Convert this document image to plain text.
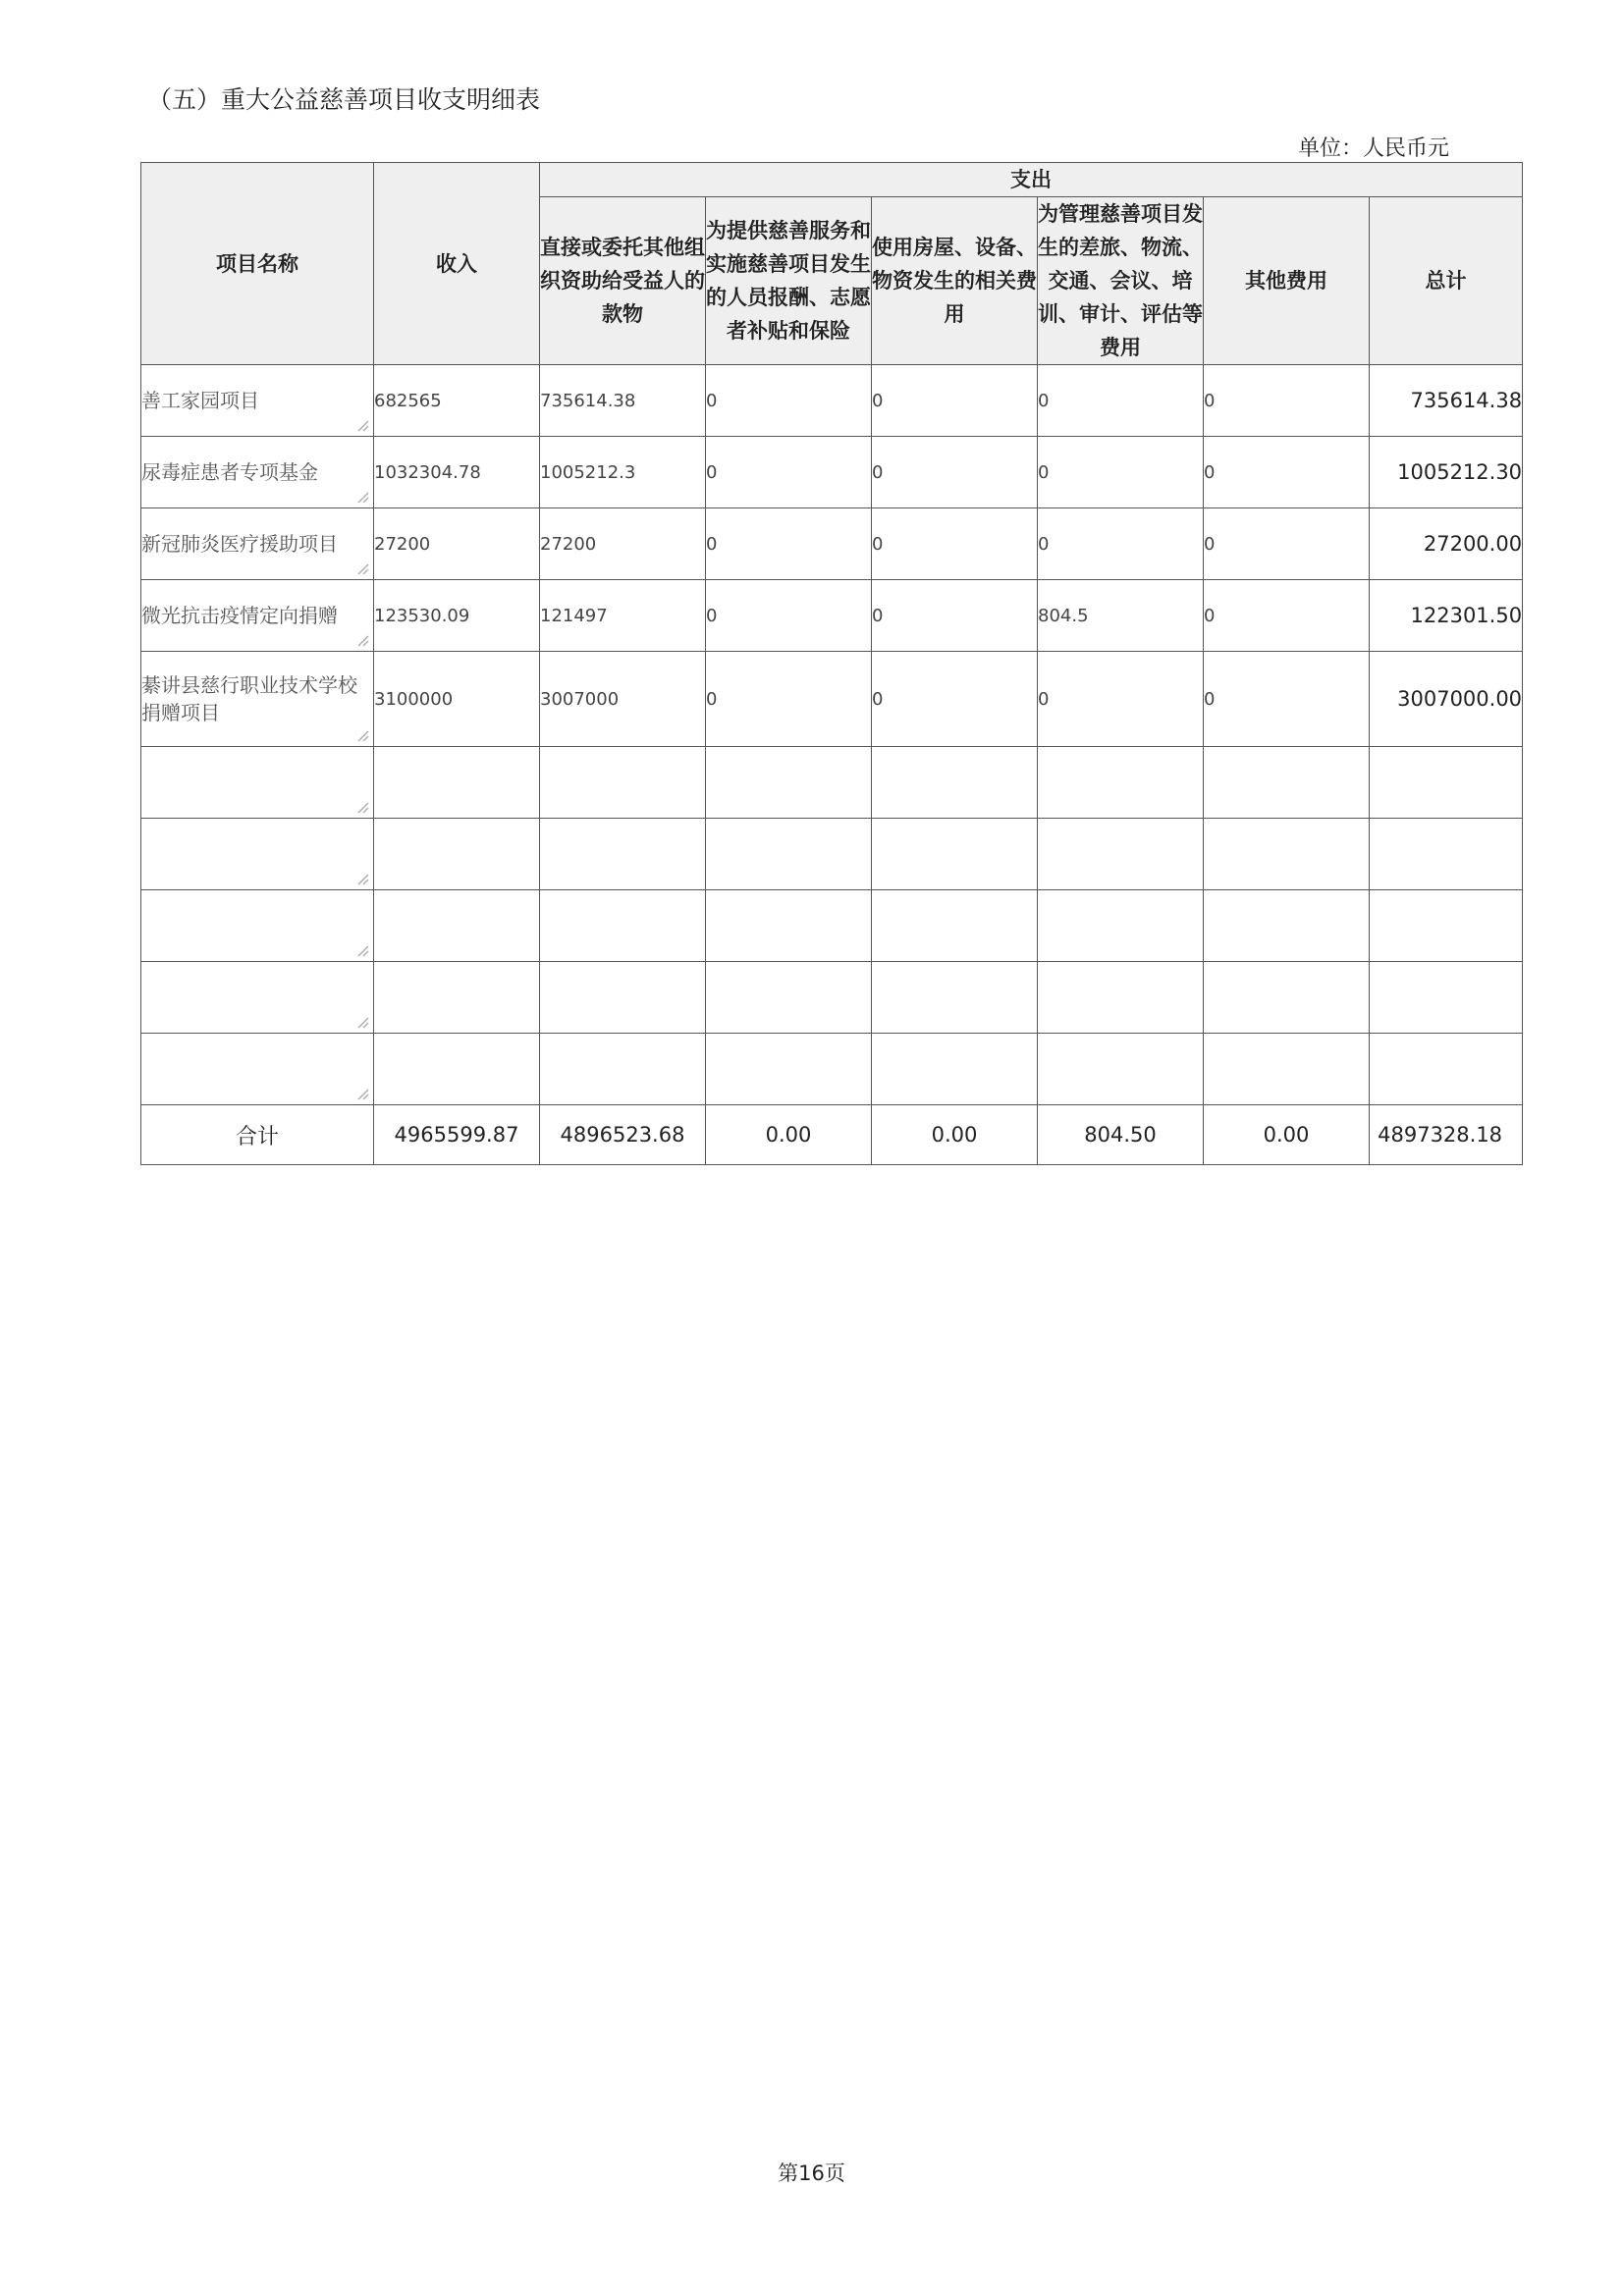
（五）重大公益慈善项目收支明细表
单位：人民币元
项目名称	收入	支出					
		直接或委托其他组织资助给受益人的款物	为提供慈善服务和实施慈善项目发生的人员报酬、志愿者补贴和保险	使用房屋、设备、物资发生的相关费用	为管理慈善项目发生的差旅、物流、交通、会议、培训、审计、评估等费用	其他费用	总计
善工家园项目	682565	735614.38	0	0	0	0	735614.38
尿毒症患者专项基金	1032304.78	1005212.3	0	0	0	0	1005212.30
新冠肺炎医疗援助项目	27200	27200	0	0	0	0	27200.00
微光抗击疫情定向捐赠	123530.09	121497	0	0	804.5	0	122301.50
綦讲县慈行职业技术学校捐赠项目	3100000	3007000	0	0	0	0	3007000.00

合计	4965599.87	4896523.68	0.00	0.00	804.50	0.00	4897328.18
第16页
